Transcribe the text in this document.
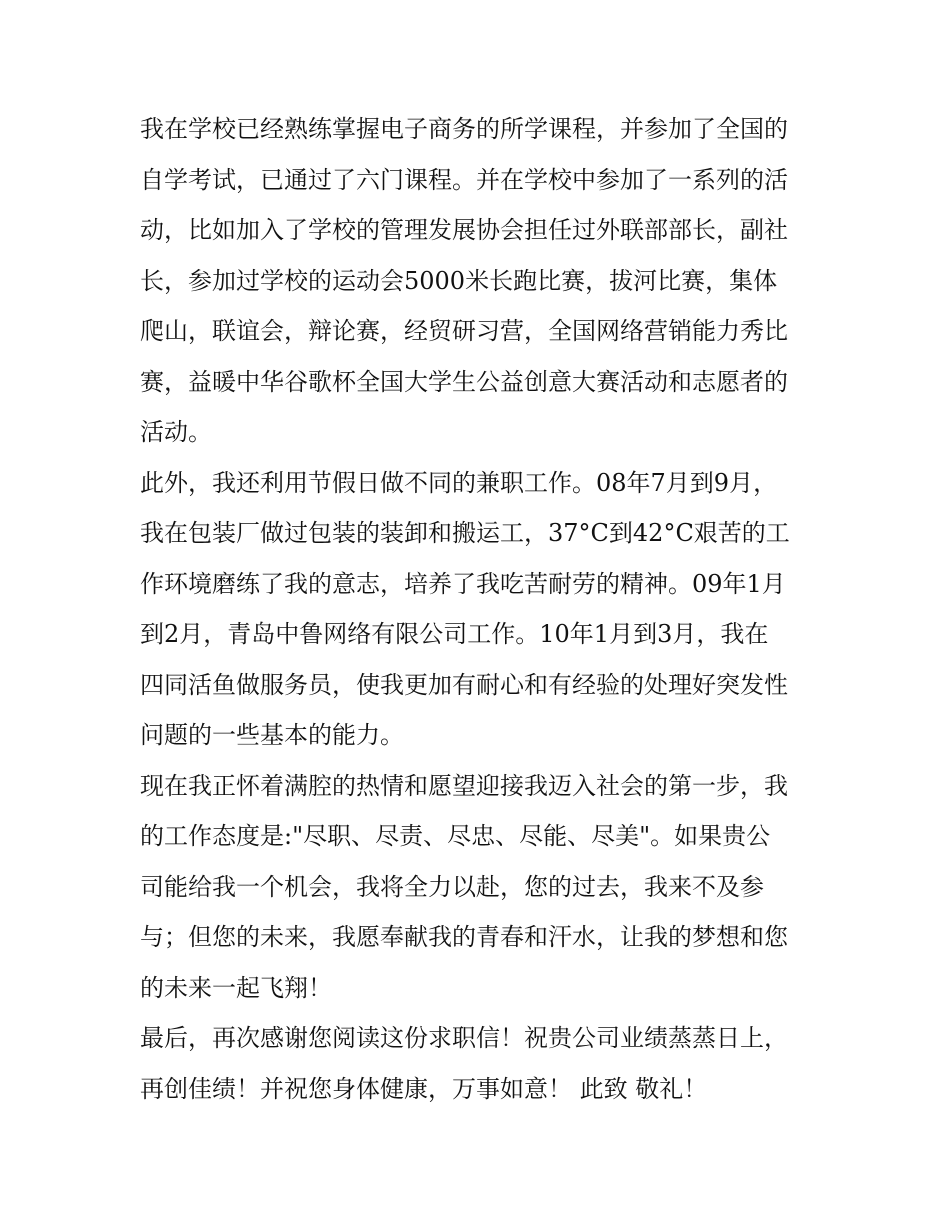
我在学校已经熟练掌握电子商务的所学课程，并参加了全国的
自学考试，已通过了六门课程。并在学校中参加了一系列的活
动，比如加入了学校的管理发展协会担任过外联部部长，副社
长，参加过学校的运动会5000米长跑比赛，拔河比赛，集体
爬山，联谊会，辩论赛，经贸研习营，全国网络营销能力秀比
赛，益暖中华谷歌杯全国大学生公益创意大赛活动和志愿者的
活动。
此外，我还利用节假日做不同的兼职工作。08年7月到9月，
我在包装厂做过包装的装卸和搬运工，37°C到42°C艰苦的工
作环境磨练了我的意志，培养了我吃苦耐劳的精神。09年1月
到2月，青岛中鲁网络有限公司工作。10年1月到3月，我在
四同活鱼做服务员，使我更加有耐心和有经验的处理好突发性
问题的一些基本的能力。
现在我正怀着满腔的热情和愿望迎接我迈入社会的第一步，我
的工作态度是:"尽职、尽责、尽忠、尽能、尽美"。如果贵公
司能给我一个机会，我将全力以赴，您的过去，我来不及参
与；但您的未来，我愿奉献我的青春和汗水，让我的梦想和您
的未来一起飞翔！
最后，再次感谢您阅读这份求职信！祝贵公司业绩蒸蒸日上，
再创佳绩！并祝您身体健康，万事如意！ 此致 敬礼！
